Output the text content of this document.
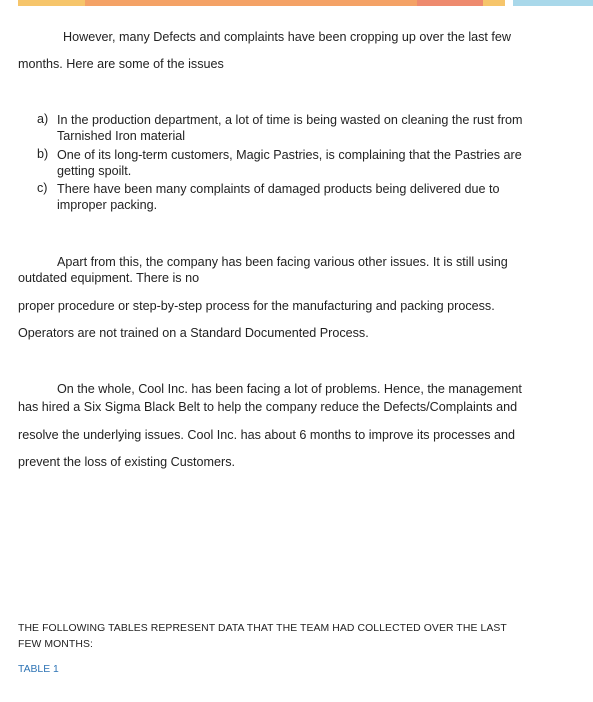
However, many Defects and complaints have been cropping up over the last few
months. Here are some of the issues
a) In the production department, a lot of time is being wasted on cleaning the rust from Tarnished Iron material
b) One of its long-term customers, Magic Pastries, is complaining that the Pastries are getting spoilt.
c) There have been many complaints of damaged products being delivered due to improper packing.
Apart from this, the company has been facing various other issues. It is still using
outdated equipment. There is no
proper procedure or step-by-step process for the manufacturing and packing process.
Operators are not trained on a Standard Documented Process.
On the whole, Cool Inc. has been facing a lot of problems. Hence, the management
has hired a Six Sigma Black Belt to help the company reduce the Defects/Complaints and
resolve the underlying issues. Cool Inc. has about 6 months to improve its processes and
prevent the loss of existing Customers.
THE FOLLOWING TABLES REPRESENT DATA THAT THE TEAM HAD COLLECTED OVER THE LAST FEW MONTHS:
TABLE 1
